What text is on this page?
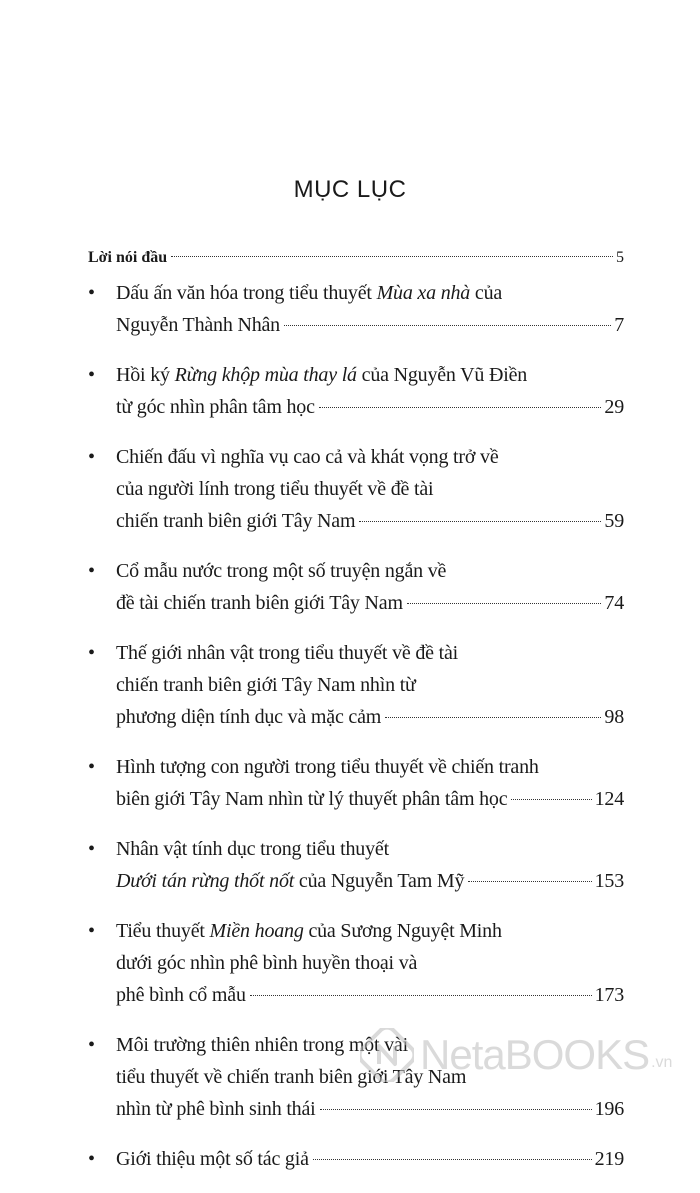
MỤC LỤC
Lời nói đầu	5
• Dấu ấn văn hóa trong tiểu thuyết Mùa xa nhà của
Nguyễn Thành Nhân	7
• Hồi ký Rừng khộp mùa thay lá của Nguyễn Vũ Điền
từ góc nhìn phân tâm học	29
• Chiến đấu vì nghĩa vụ cao cả và khát vọng trở về
của người lính trong tiểu thuyết về đề tài
chiến tranh biên giới Tây Nam	59
• Cổ mẫu nước trong một số truyện ngắn về
đề tài chiến tranh biên giới Tây Nam	74
• Thế giới nhân vật trong tiểu thuyết về đề tài
chiến tranh biên giới Tây Nam nhìn từ
phương diện tính dục và mặc cảm	98
• Hình tượng con người trong tiểu thuyết về chiến tranh
biên giới Tây Nam nhìn từ lý thuyết phân tâm học	124
• Nhân vật tính dục trong tiểu thuyết
Dưới tán rừng thốt nốt của Nguyễn Tam Mỹ	153
• Tiểu thuyết Miền hoang của Sương Nguyệt Minh
dưới góc nhìn phê bình huyền thoại và
phê bình cổ mẫu	173
• Môi trường thiên nhiên trong một vài
tiểu thuyết về chiến tranh biên giới Tây Nam
nhìn từ phê bình sinh thái	196
• Giới thiệu một số tác giả	219
NetaBOOKS .vn
